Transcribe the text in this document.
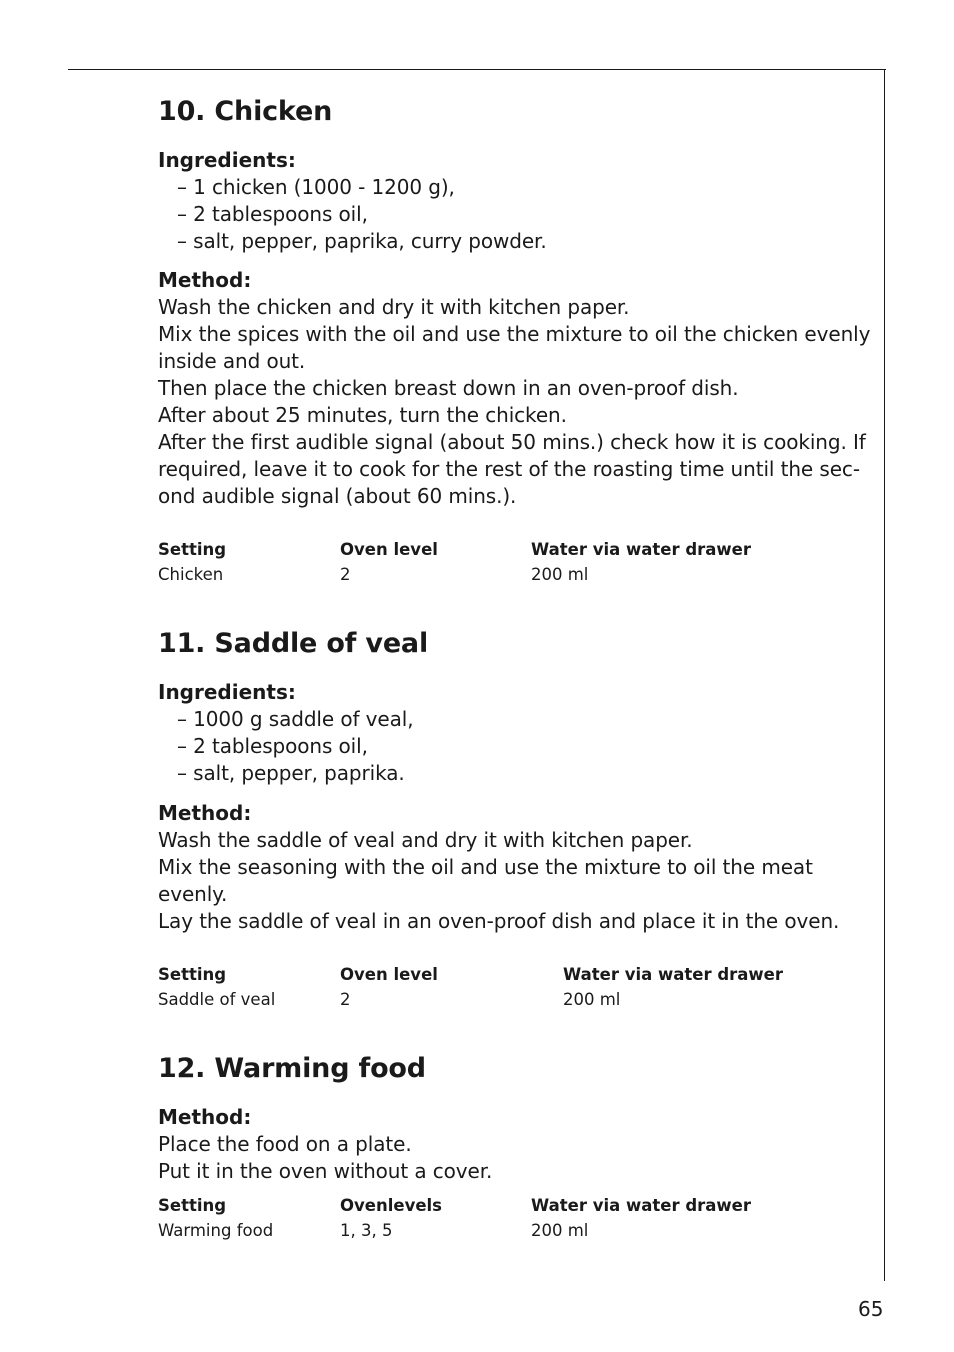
10. Chicken
Ingredients:
– 1 chicken (1000 - 1200 g),
– 2 tablespoons oil,
– salt, pepper, paprika, curry powder.
Method:
Wash the chicken and dry it with kitchen paper.
Mix the spices with the oil and use the mixture to oil the chicken evenly
inside and out.
Then place the chicken breast down in an oven-proof dish.
After about 25 minutes, turn the chicken.
After the first audible signal (about 50 mins.) check how it is cooking. If
required, leave it to cook for the rest of the roasting time until the sec-
ond audible signal (about 60 mins.).
Setting	Oven level	Water via water drawer
Chicken	2	200 ml
11. Saddle of veal
Ingredients:
– 1000 g saddle of veal,
– 2 tablespoons oil,
– salt, pepper, paprika.
Method:
Wash the saddle of veal and dry it with kitchen paper.
Mix the seasoning with the oil and use the mixture to oil the meat
evenly.
Lay the saddle of veal in an oven-proof dish and place it in the oven.
Setting	Oven level	Water via water drawer
Saddle of veal	2	200 ml
12. Warming food
Method:
Place the food on a plate.
Put it in the oven without a cover.
Setting	Ovenlevels	Water via water drawer
Warming food	1, 3, 5	200 ml
65
